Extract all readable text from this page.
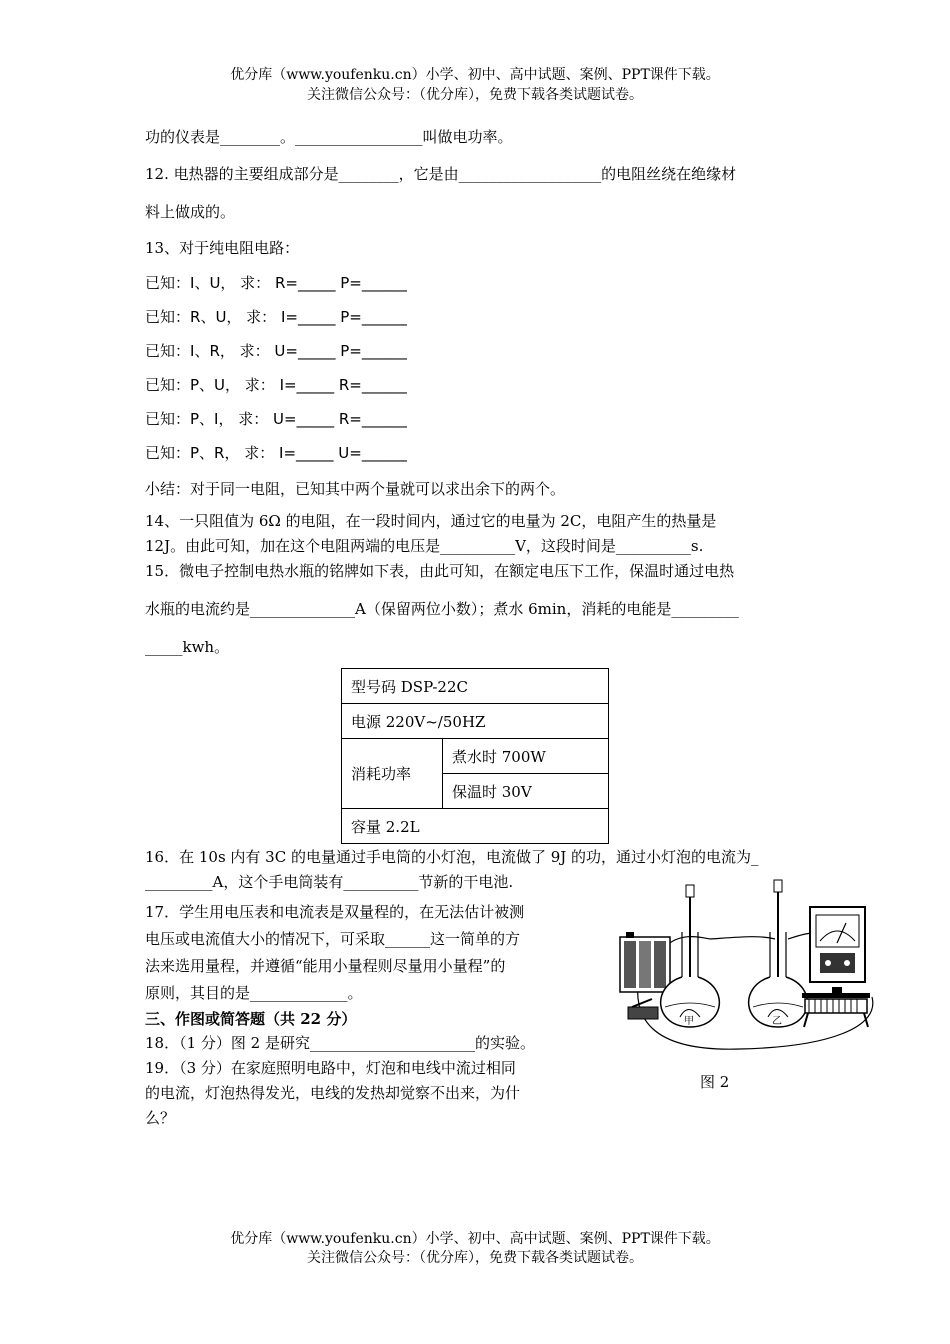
优分库（www.youfenku.cn）小学、初中、高中试题、案例、PPT课件下载。
关注微信公众号：（优分库），免费下载各类试题试卷。
功的仪表是________。_________________叫做电功率。
12. 电热器的主要组成部分是________，它是由___________________的电阻丝绕在绝缘材
料上做成的。
13、对于纯电阻电路：
已知：I、U， 求： R=_____ P=______
已知：R、U， 求： I=_____ P=______
已知：I、R， 求： U=_____ P=______
已知：P、U， 求： I=_____ R=______
已知：P、I， 求： U=_____ R=______
已知：P、R， 求： I=_____ U=______
小结：对于同一电阻，已知其中两个量就可以求出余下的两个。
14、一只阻值为 6Ω 的电阻，在一段时间内，通过它的电量为 2C，电阻产生的热量是
12J。由此可知，加在这个电阻两端的电压是__________V，这段时间是__________s.
15．微电子控制电热水瓶的铭牌如下表，由此可知，在额定电压下工作，保温时通过电热
水瓶的电流约是______________A（保留两位小数）；煮水 6min，消耗的电能是_________
_____kwh。
型号码 DSP-22C
电源 220V~/50HZ
消耗功率	煮水时 700W
保温时 30V
容量 2.2L
16．在 10s 内有 3C 的电量通过手电筒的小灯泡，电流做了 9J 的功，通过小灯泡的电流为_
_________A，这个手电筒装有__________节新的干电池.
17．学生用电压表和电流表是双量程的，在无法估计被测
电压或电流值大小的情况下，可采取______这一简单的方
法来选用量程，并遵循“能用小量程则尽量用小量程”的
原则，其目的是_____________。
三、作图或简答题（共 22 分）
18．（1 分）图 2 是研究______________________的实验。
19．（3 分）在家庭照明电路中，灯泡和电线中流过相同
的电流，灯泡热得发光，电线的发热却觉察不出来，为什
么？
甲	乙
图 2
优分库（www.youfenku.cn）小学、初中、高中试题、案例、PPT课件下载。
关注微信公众号：（优分库），免费下载各类试题试卷。
